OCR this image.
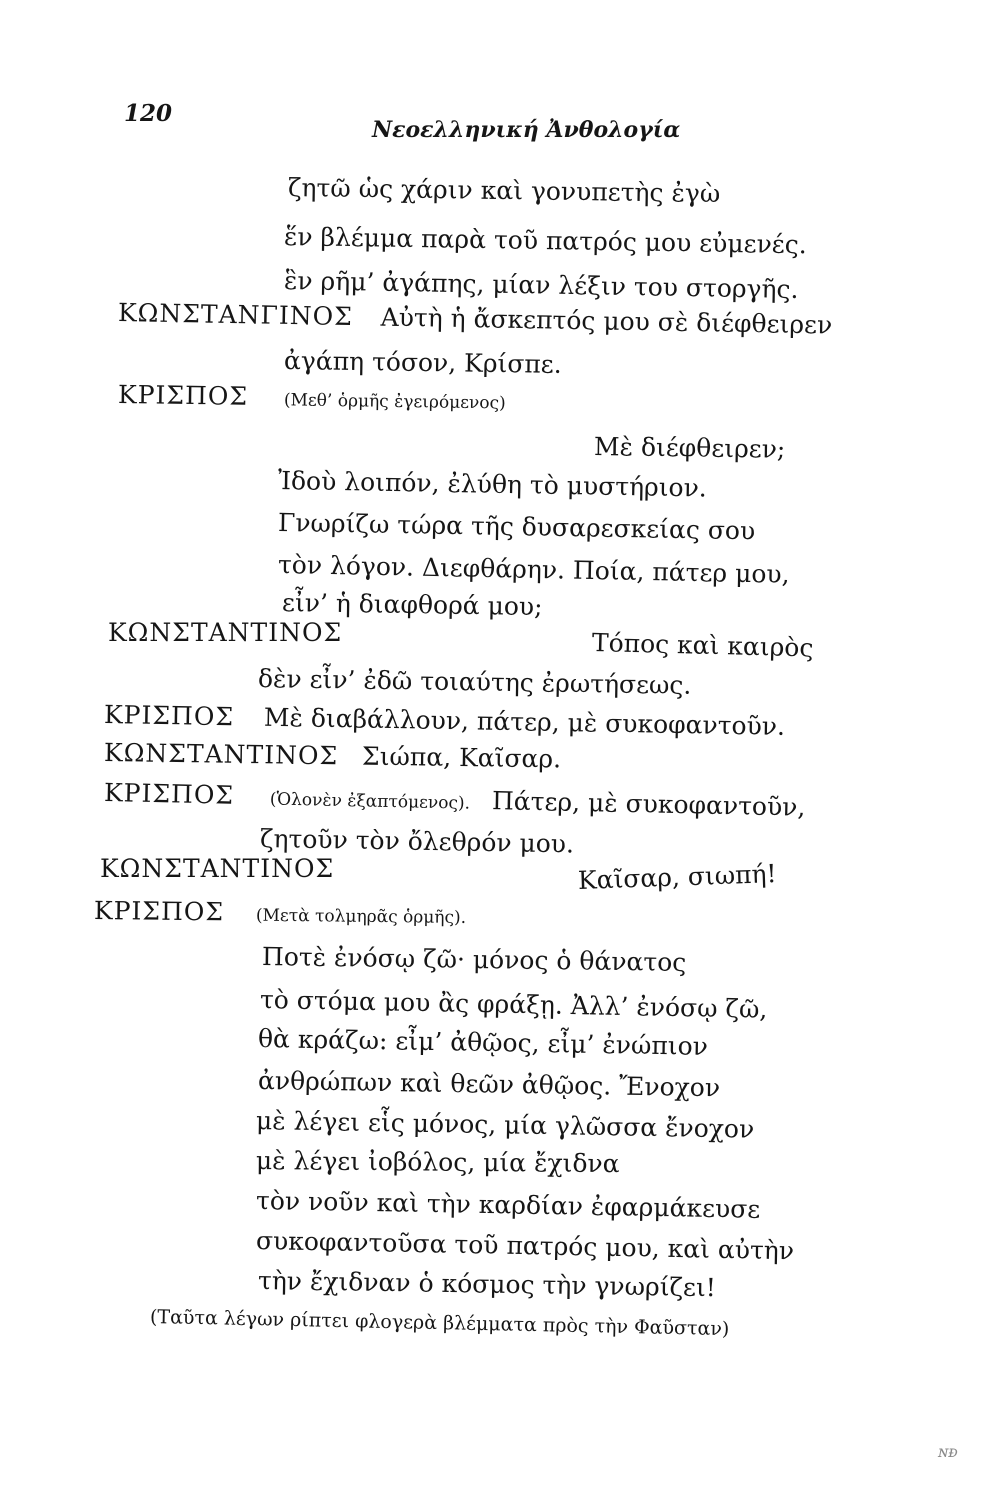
120
Νεοελληνική Ἀνθολογία
ζητῶ ὡς χάριν καὶ γονυπετὴς ἐγὼ
ἕν βλέμμα παρὰ τοῦ πατρός μου εὐμενές.
ἓν ρῆμ’ ἀγάπης, μίαν λέξιν του στοργῆς.
ΚΩΝΣΤΑΝΓΙΝΟΣ Αὐτὴ ἡ ἄσκεπτός μου σὲ διέφθειρεν
ἀγάπη τόσον, Κρίσπε.
ΚΡΙΣΠΟΣ (Μεθ’ ὁρμῆς ἐγειρόμενος)
Μὲ διέφθειρεν;
Ἰδοὺ λοιπόν, ἐλύθη τὸ μυστήριον.
Γνωρίζω τώρα τῆς δυσαρεσκείας σου
τὸν λόγον. Διεφθάρην. Ποία, πάτερ μου,
εἶν’ ἡ διαφθορά μου;
ΚΩΝΣΤΑΝΤΙΝΟΣ	Τόπος καὶ καιρὸς
δὲν εἶν’ ἐδῶ τοιαύτης ἐρωτήσεως.
ΚΡΙΣΠΟΣ Μὲ διαβάλλουν, πάτερ, μὲ συκοφαντοῦν.
ΚΩΝΣΤΑΝΤΙΝΟΣ Σιώπα, Καῖσαρ.
ΚΡΙΣΠΟΣ (Ὁλονὲν ἐξαπτόμενος). Πάτερ, μὲ συκοφαντοῦν,
ζητοῦν τὸν ὄλεθρόν μου.
ΚΩΝΣΤΑΝΤΙΝΟΣ	Καῖσαρ, σιωπή!
ΚΡΙΣΠΟΣ (Μετὰ τολμηρᾶς ὁρμῆς).
Ποτὲ ἐνόσῳ ζῶ· μόνος ὁ θάνατος
τὸ στόμα μου ἂς φράξῃ. Ἀλλ’ ἐνόσῳ ζῶ,
θὰ κράζω: εἶμ’ ἀθῷος, εἶμ’ ἐνώπιον
ἀνθρώπων καὶ θεῶν ἀθῷος. Ἔνοχον
μὲ λέγει εἷς μόνος, μία γλῶσσα ἔνοχον
μὲ λέγει ἰοβόλος, μία ἔχιδνα
τὸν νοῦν καὶ τὴν καρδίαν ἐφαρμάκευσε
συκοφαντοῦσα τοῦ πατρός μου, καὶ αὐτὴν
τὴν ἔχιδναν ὁ κόσμος τὴν γνωρίζει!
(Ταῦτα λέγων ρίπτει φλογερὰ βλέμματα πρὸς τὴν Φαῦσταν)
ɴᴆ
